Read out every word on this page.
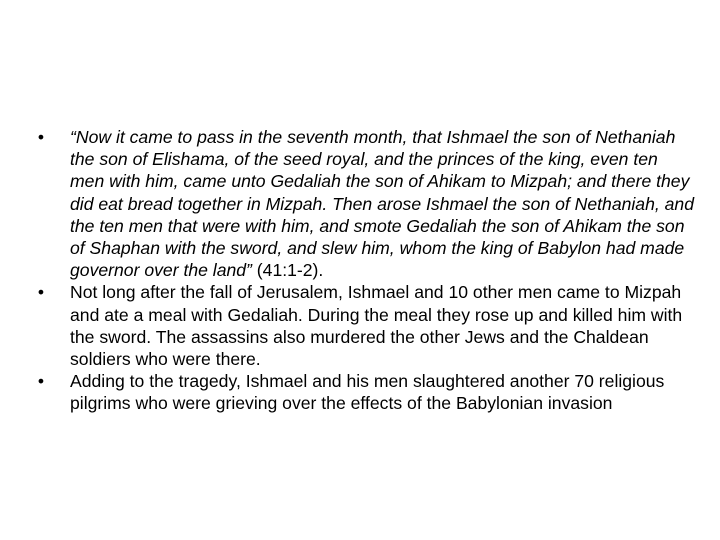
• “Now it came to pass in the seventh month, that Ishmael the son of Nethaniah the son of Elishama, of the seed royal, and the princes of the king, even ten men with him, came unto Gedaliah the son of Ahikam to Mizpah; and there they did eat bread together in Mizpah. Then arose Ishmael the son of Nethaniah, and the ten men that were with him, and smote Gedaliah the son of Ahikam the son of Shaphan with the sword, and slew him, whom the king of Babylon had made governor over the land” (41:1-2).
• Not long after the fall of Jerusalem, Ishmael and 10 other men came to Mizpah and ate a meal with Gedaliah. During the meal they rose up and killed him with the sword. The assassins also murdered the other Jews and the Chaldean soldiers who were there.
• Adding to the tragedy, Ishmael and his men slaughtered another 70 religious pilgrims who were grieving over the effects of the Babylonian invasion
